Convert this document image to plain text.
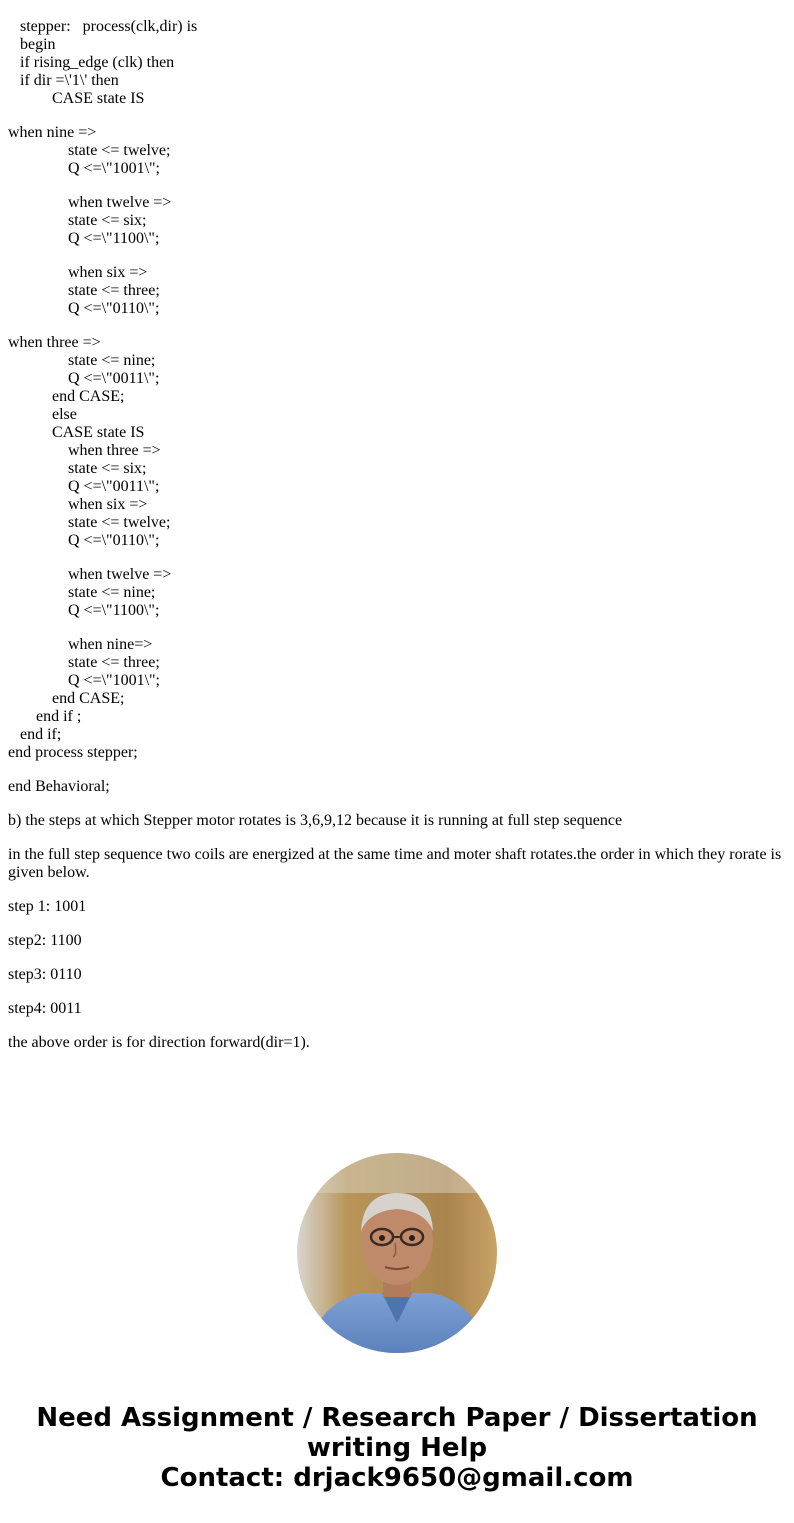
stepper:   process(clk,dir) is
begin
if rising_edge (clk) then
if dir =\'1\' then
CASE state IS
when nine =>
state <= twelve;
Q <=\"1001\";
when twelve =>
state <= six;
Q <=\"1100\";
when six =>
state <= three;
Q <=\"0110\";
when three =>
state <= nine;
Q <=\"0011\";
end CASE;
else
CASE state IS
when three =>
state <= six;
Q <=\"0011\";
when six =>
state <= twelve;
Q <=\"0110\";
when twelve =>
state <= nine;
Q <=\"1100\";
when nine=>
state <= three;
Q <=\"1001\";
end CASE;
end if ;
end if;
end process stepper;

end Behavioral;

b) the steps at which Stepper motor rotates is 3,6,9,12 because it is running at full step sequence

in the full step sequence two coils are energized at the same time and moter shaft rotates.the order in which they rorate is given below.

step 1: 1001

step2: 1100

step3: 0110

step4: 0011

the above order is for direction forward(dir=1).

Need Assignment / Research Paper / Dissertation
writing Help
Contact: drjack9650@gmail.com
